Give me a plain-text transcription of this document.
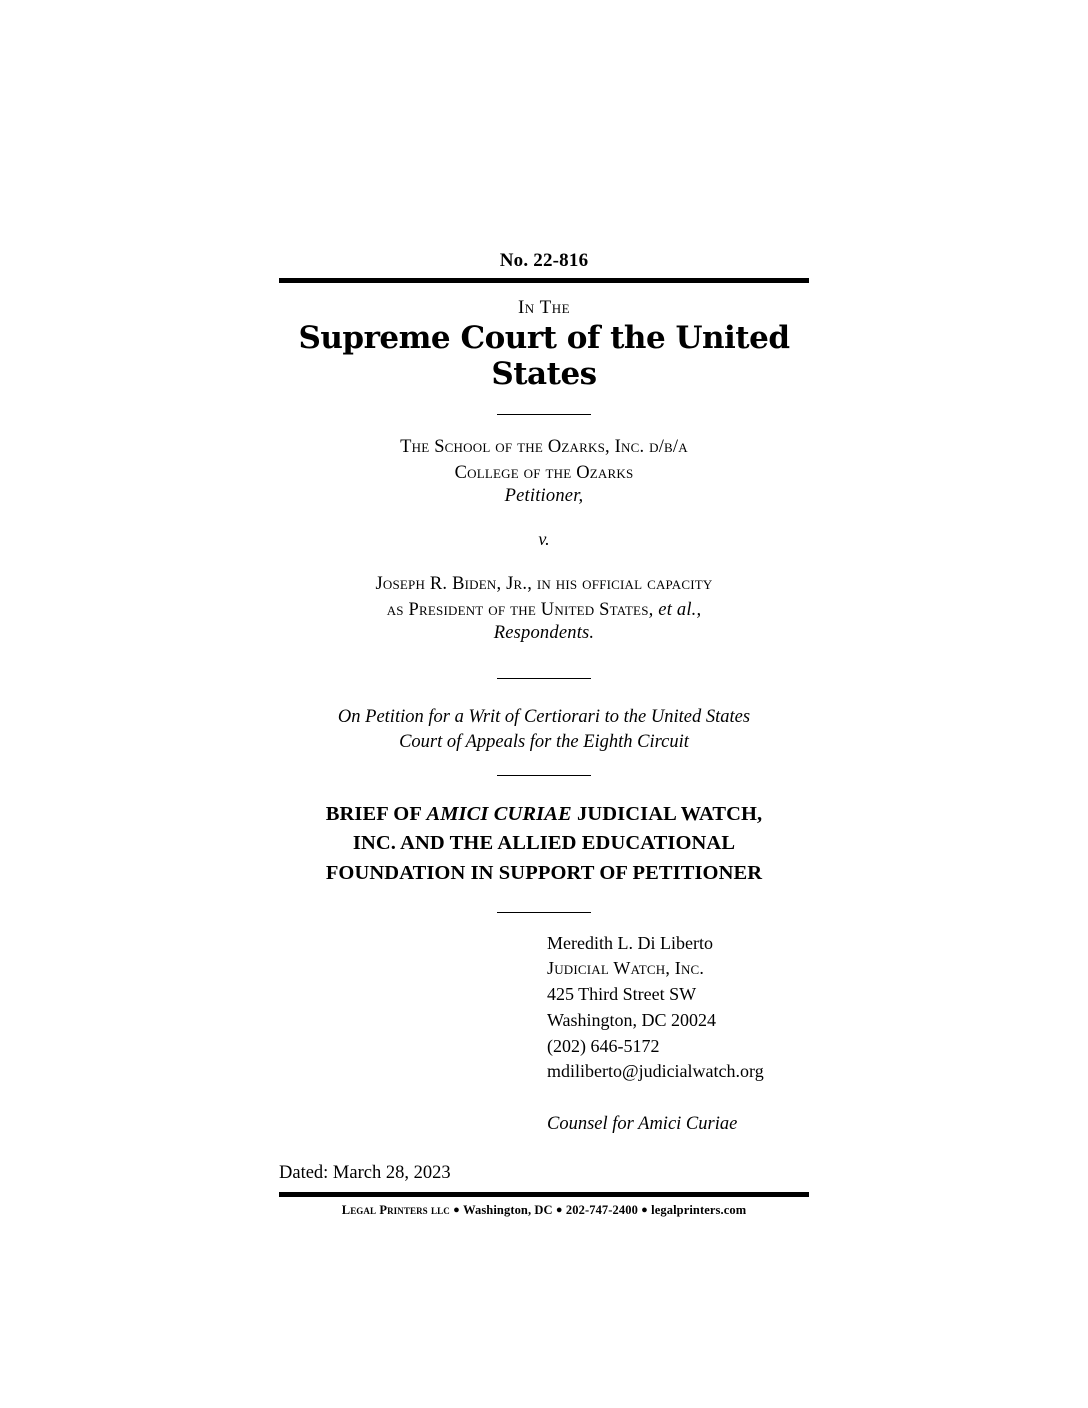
No. 22-816
In The
Supreme Court of the United States
The School of the Ozarks, Inc. d/b/a
College of the Ozarks
Petitioner,
v.
Joseph R. Biden, Jr., in his official capacity
as President of the United States, et al.,
Respondents.
On Petition for a Writ of Certiorari to the United States
Court of Appeals for the Eighth Circuit
BRIEF OF AMICI CURIAE JUDICIAL WATCH,
INC. AND THE ALLIED EDUCATIONAL
FOUNDATION IN SUPPORT OF PETITIONER
Meredith L. Di Liberto
Judicial Watch, Inc.
425 Third Street SW
Washington, DC 20024
(202) 646-5172
mdiliberto@judicialwatch.org
Counsel for Amici Curiae
Dated: March 28, 2023
Legal Printers llc ● Washington, DC ● 202-747-2400 ● legalprinters.com
